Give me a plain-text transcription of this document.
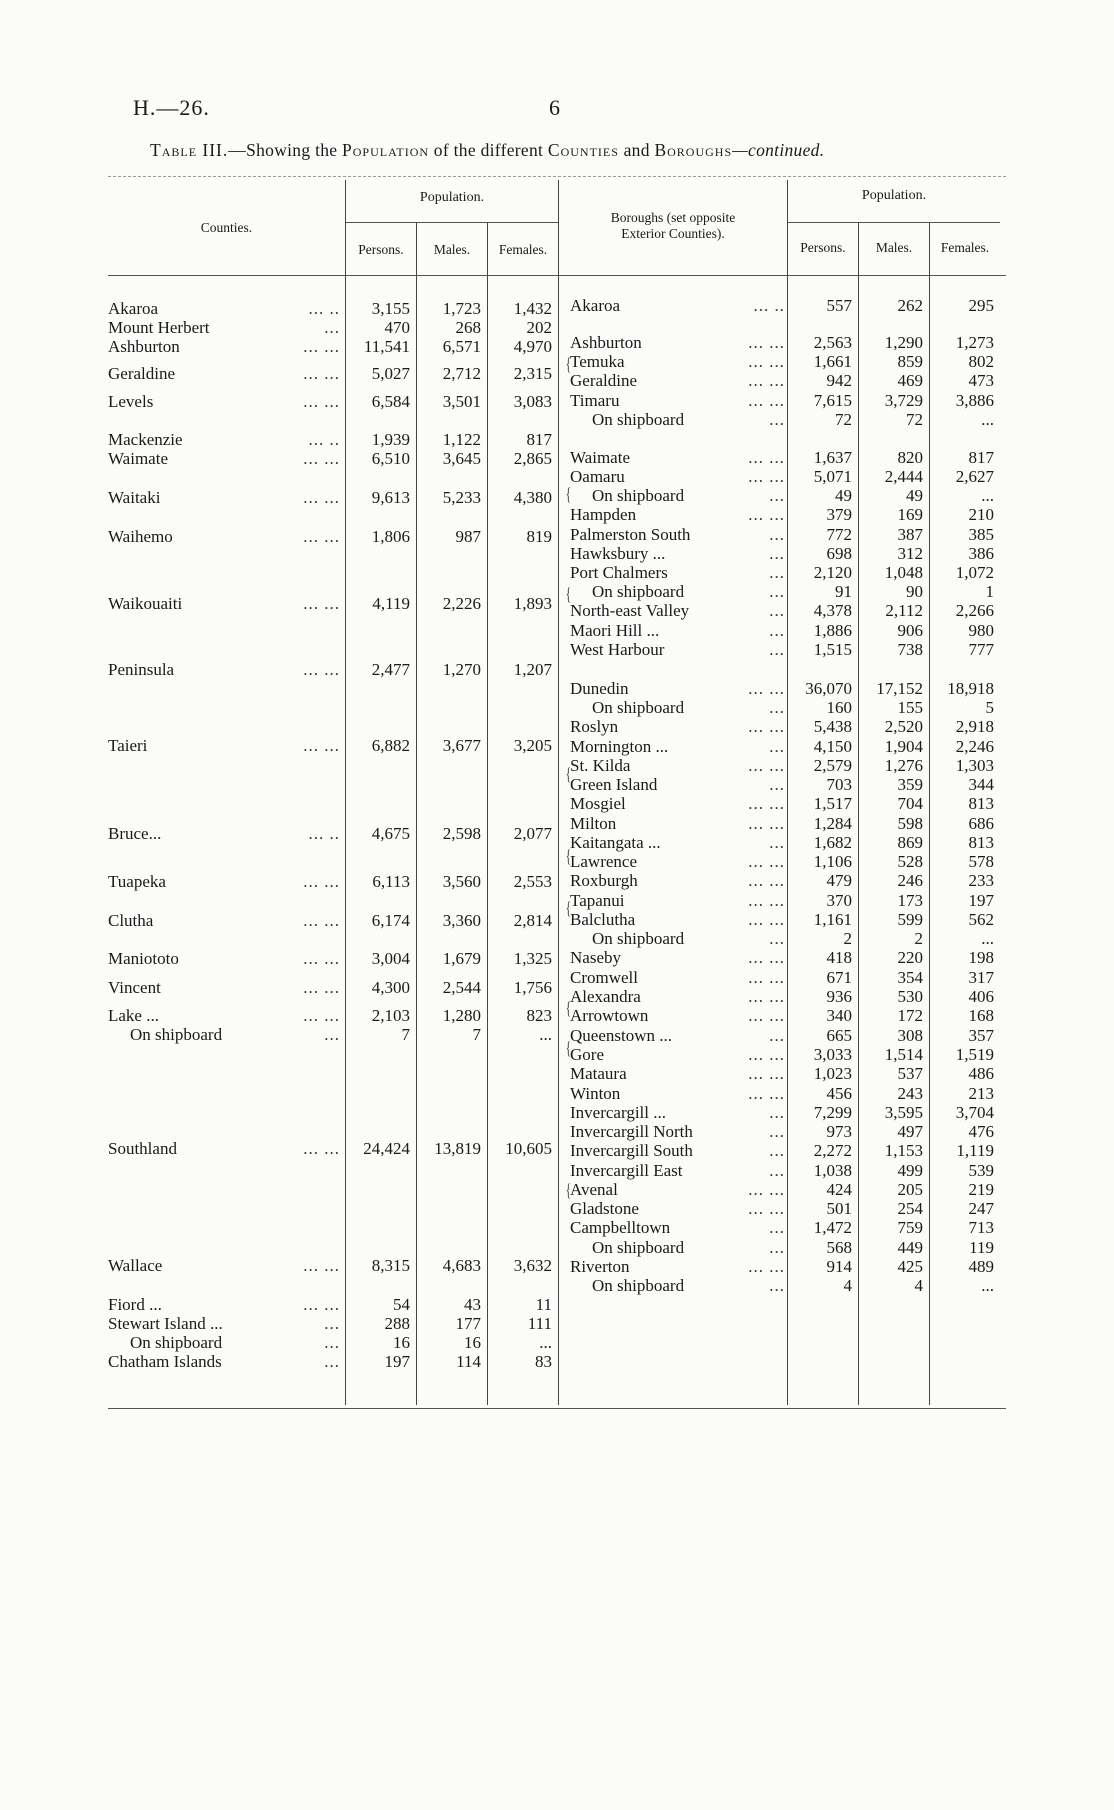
H.—26.	6
Table III.—Showing the Population of the different Counties and Boroughs—continued.
Counties.
Population.
Persons.	Males.	Females.
Boroughs (set opposite
Exterior Counties).
Population.
Persons.	Males.	Females.
Akaroa	... ..	3,155	1,723	1,432
Mount Herbert	...	470	268	202
Ashburton	... ...	11,541	6,571	4,970
Geraldine	... ...	5,027	2,712	2,315
Levels	... ...	6,584	3,501	3,083
Mackenzie	... ..	1,939	1,122	817
Waimate	... ...	6,510	3,645	2,865
Waitaki	... ...	9,613	5,233	4,380
Waihemo	... ...	1,806	987	819
Waikouaiti	... ...	4,119	2,226	1,893
Peninsula	... ...	2,477	1,270	1,207
Taieri	... ...	6,882	3,677	3,205
Bruce...	... ..	4,675	2,598	2,077
Tuapeka	... ...	6,113	3,560	2,553
Clutha	... ...	6,174	3,360	2,814
Maniototo	... ...	3,004	1,679	1,325
Vincent	... ...	4,300	2,544	1,756
Lake ...	... ...	2,103	1,280	823
On shipboard	...	7	7	...
Southland	... ...	24,424	13,819	10,605
Wallace	... ...	8,315	4,683	3,632
Fiord ...	... ...	54	43	11
Stewart Island ...	...	288	177	111
On shipboard	...	16	16	...
Chatham Islands	...	197	114	83
Akaroa	... ..	557	262	295
Ashburton	... ...	2,563	1,290	1,273
Temuka	... ...	1,661	859	802
Geraldine	... ...	942	469	473
Timaru	... ...	7,615	3,729	3,886
On shipboard	...	72	72	...
Waimate	... ...	1,637	820	817
Oamaru	... ...	5,071	2,444	2,627
On shipboard	...	49	49	...
Hampden	... ...	379	169	210
Palmerston South	...	772	387	385
Hawksbury ...	...	698	312	386
Port Chalmers	...	2,120	1,048	1,072
On shipboard	...	91	90	1
North-east Valley	...	4,378	2,112	2,266
Maori Hill ...	...	1,886	906	980
West Harbour	...	1,515	738	777
Dunedin	... ...	36,070	17,152	18,918
On shipboard	...	160	155	5
Roslyn	... ...	5,438	2,520	2,918
Mornington ...	...	4,150	1,904	2,246
St. Kilda	... ...	2,579	1,276	1,303
Green Island	...	703	359	344
Mosgiel	... ...	1,517	704	813
Milton	... ...	1,284	598	686
Kaitangata ...	...	1,682	869	813
Lawrence	... ...	1,106	528	578
Roxburgh	... ...	479	246	233
Tapanui	... ...	370	173	197
Balclutha	... ...	1,161	599	562
On shipboard	...	2	2	...
Naseby	... ...	418	220	198
Cromwell	... ...	671	354	317
Alexandra	... ...	936	530	406
Arrowtown	... ...	340	172	168
Queenstown ...	...	665	308	357
Gore	... ...	3,033	1,514	1,519
Mataura	... ...	1,023	537	486
Winton	... ...	456	243	213
Invercargill ...	...	7,299	3,595	3,704
Invercargill North	...	973	497	476
Invercargill South	...	2,272	1,153	1,119
Invercargill East	...	1,038	499	539
Avenal	... ...	424	205	219
Gladstone	... ...	501	254	247
Campbelltown	...	1,472	759	713
On shipboard	...	568	449	119
Riverton	... ...	914	425	489
On shipboard	...	4	4	...
{
{
{
{
{
{
{
{
{
